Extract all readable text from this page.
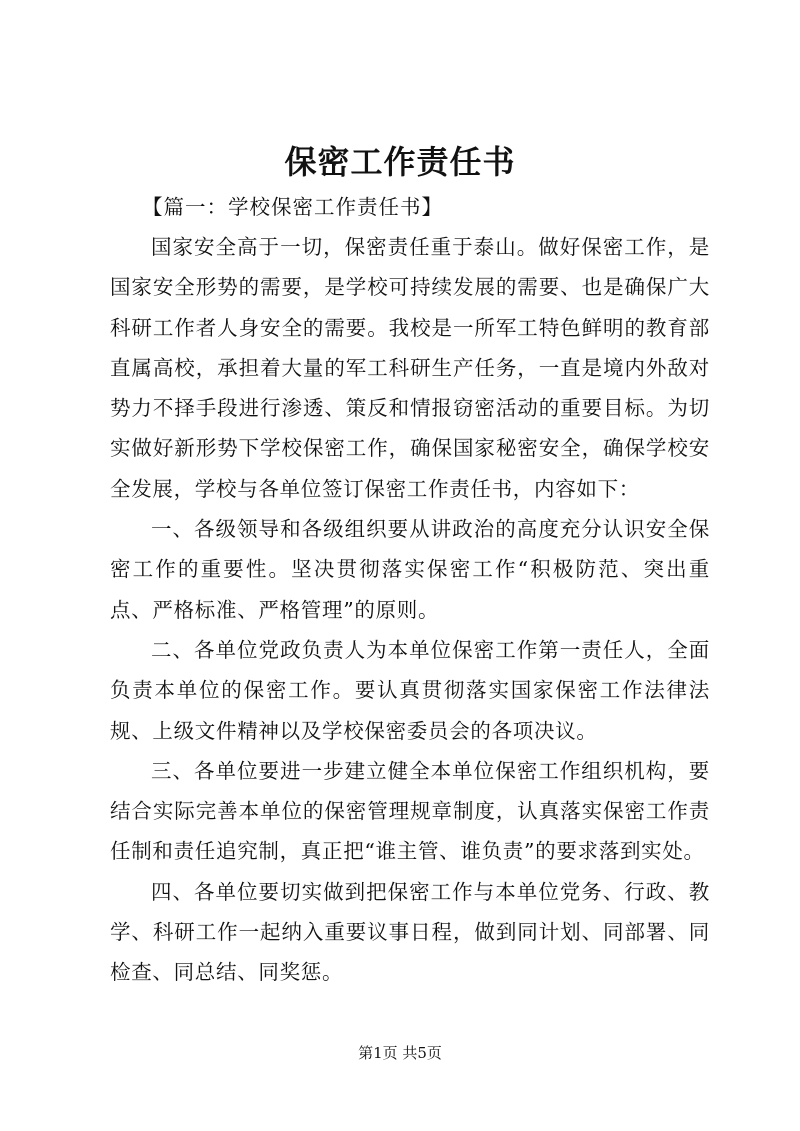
保密工作责任书
【篇一：学校保密工作责任书】

国家安全高于一切，保密责任重于泰山。做好保密工作，是国家安全形势的需要，是学校可持续发展的需要、也是确保广大科研工作者人身安全的需要。我校是一所军工特色鲜明的教育部直属高校，承担着大量的军工科研生产任务，一直是境内外敌对势力不择手段进行渗透、策反和情报窃密活动的重要目标。为切实做好新形势下学校保密工作，确保国家秘密安全，确保学校安全发展，学校与各单位签订保密工作责任书，内容如下：

一、各级领导和各级组织要从讲政治的高度充分认识安全保密工作的重要性。坚决贯彻落实保密工作“积极防范、突出重点、严格标准、严格管理”的原则。

二、各单位党政负责人为本单位保密工作第一责任人，全面负责本单位的保密工作。要认真贯彻落实国家保密工作法律法规、上级文件精神以及学校保密委员会的各项决议。

三、各单位要进一步建立健全本单位保密工作组织机构，要结合实际完善本单位的保密管理规章制度，认真落实保密工作责任制和责任追究制，真正把“谁主管、谁负责”的要求落到实处。

四、各单位要切实做到把保密工作与本单位党务、行政、教学、科研工作一起纳入重要议事日程，做到同计划、同部署、同检查、同总结、同奖惩。

第1页 共5页
